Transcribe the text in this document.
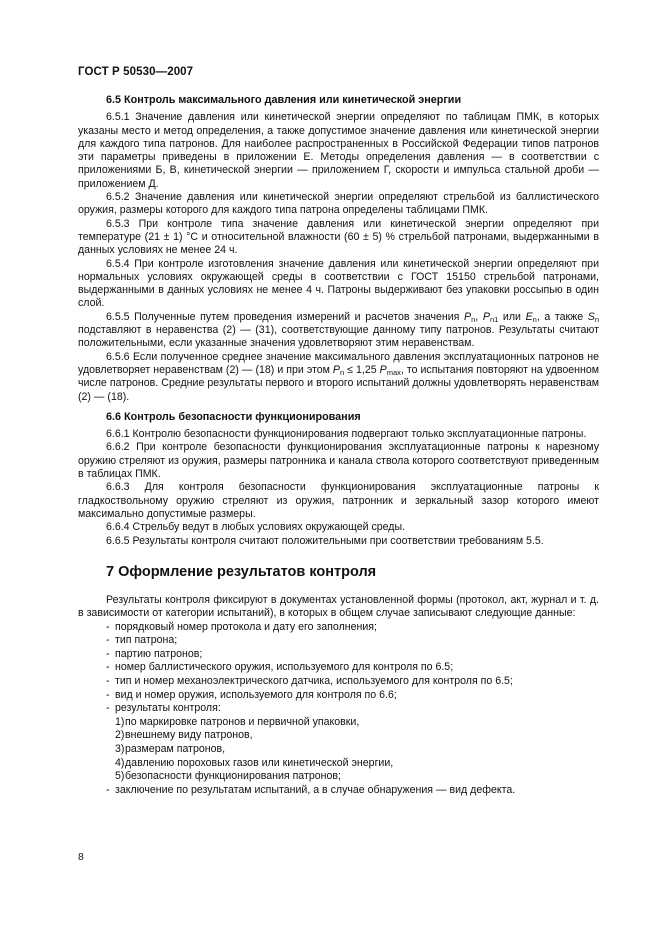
ГОСТ Р 50530—2007
6.5 Контроль максимального давления или кинетической энергии

6.5.1 Значение давления или кинетической энергии определяют по таблицам ПМК, в которых указаны место и метод определения, а также допустимое значение давления или кинетической энергии для каждого типа патронов. Для наиболее распространенных в Российской Федерации типов патронов эти параметры приведены в приложении Е. Методы определения давления — в соответствии с приложениями Б, В, кинетической энергии — приложением Г, скорости и импульса стальной дроби — приложением Д.

6.5.2 Значение давления или кинетической энергии определяют стрельбой из баллистического оружия, размеры которого для каждого типа патрона определены таблицами ПМК.

6.5.3 При контроле типа значение давления или кинетической энергии определяют при температуре (21 ± 1) °С и относительной влажности (60 ± 5) % стрельбой патронами, выдержанными в данных условиях не менее 24 ч.

6.5.4 При контроле изготовления значение давления или кинетической энергии определяют при нормальных условиях окружающей среды в соответствии с ГОСТ 15150 стрельбой патронами, выдержанными в данных условиях не менее 4 ч. Патроны выдерживают без упаковки россыпью в один слой.

6.5.5 Полученные путем проведения измерений и расчетов значения $P_n$, $P_{n1}$ или $E_n$, а также $S_n$ подставляют в неравенства (2) — (31), соответствующие данному типу патронов. Результаты считают положительными, если указанные значения удовлетворяют этим неравенствам.

6.5.6 Если полученное среднее значение максимального давления эксплуатационных патронов не удовлетворяет неравенствам (2) — (18) и при этом $P_n \le 1,25$ $P_{max}$, то испытания повторяют на удвоенном числе патронов. Средние результаты первого и второго испытаний должны удовлетворять неравенствам (2) — (18).

6.6 Контроль безопасности функционирования

6.6.1 Контролю безопасности функционирования подвергают только эксплуатационные патроны.

6.6.2 При контроле безопасности функционирования эксплуатационные патроны к нарезному оружию стреляют из оружия, размеры патронника и канала ствола которого соответствуют приведенным в таблицах ПМК.

6.6.3 Для контроля безопасности функционирования эксплуатационные патроны к гладкоствольному оружию стреляют из оружия, патронник и зеркальный зазор которого имеют максимально допустимые размеры.

6.6.4 Стрельбу ведут в любых условиях окружающей среды.

6.6.5 Результаты контроля считают положительными при соответствии требованиям 5.5.

7 Оформление результатов контроля

Результаты контроля фиксируют в документах установленной формы (протокол, акт, журнал и т. д. в зависимости от категории испытаний), в которых в общем случае записывают следующие данные:

- порядковый номер протокола и дату его заполнения;
- тип патрона;
- партию патронов;
- номер баллистического оружия, используемого для контроля по 6.5;
- тип и номер механоэлектрического датчика, используемого для контроля по 6.5;
- вид и номер оружия, используемого для контроля по 6.6;
- результаты контроля:
1) по маркировке патронов и первичной упаковки,
2) внешнему виду патронов,
3) размерам патронов,
4) давлению пороховых газов или кинетической энергии,
5) безопасности функционирования патронов;
- заключение по результатам испытаний, а в случае обнаружения — вид дефекта.
8
